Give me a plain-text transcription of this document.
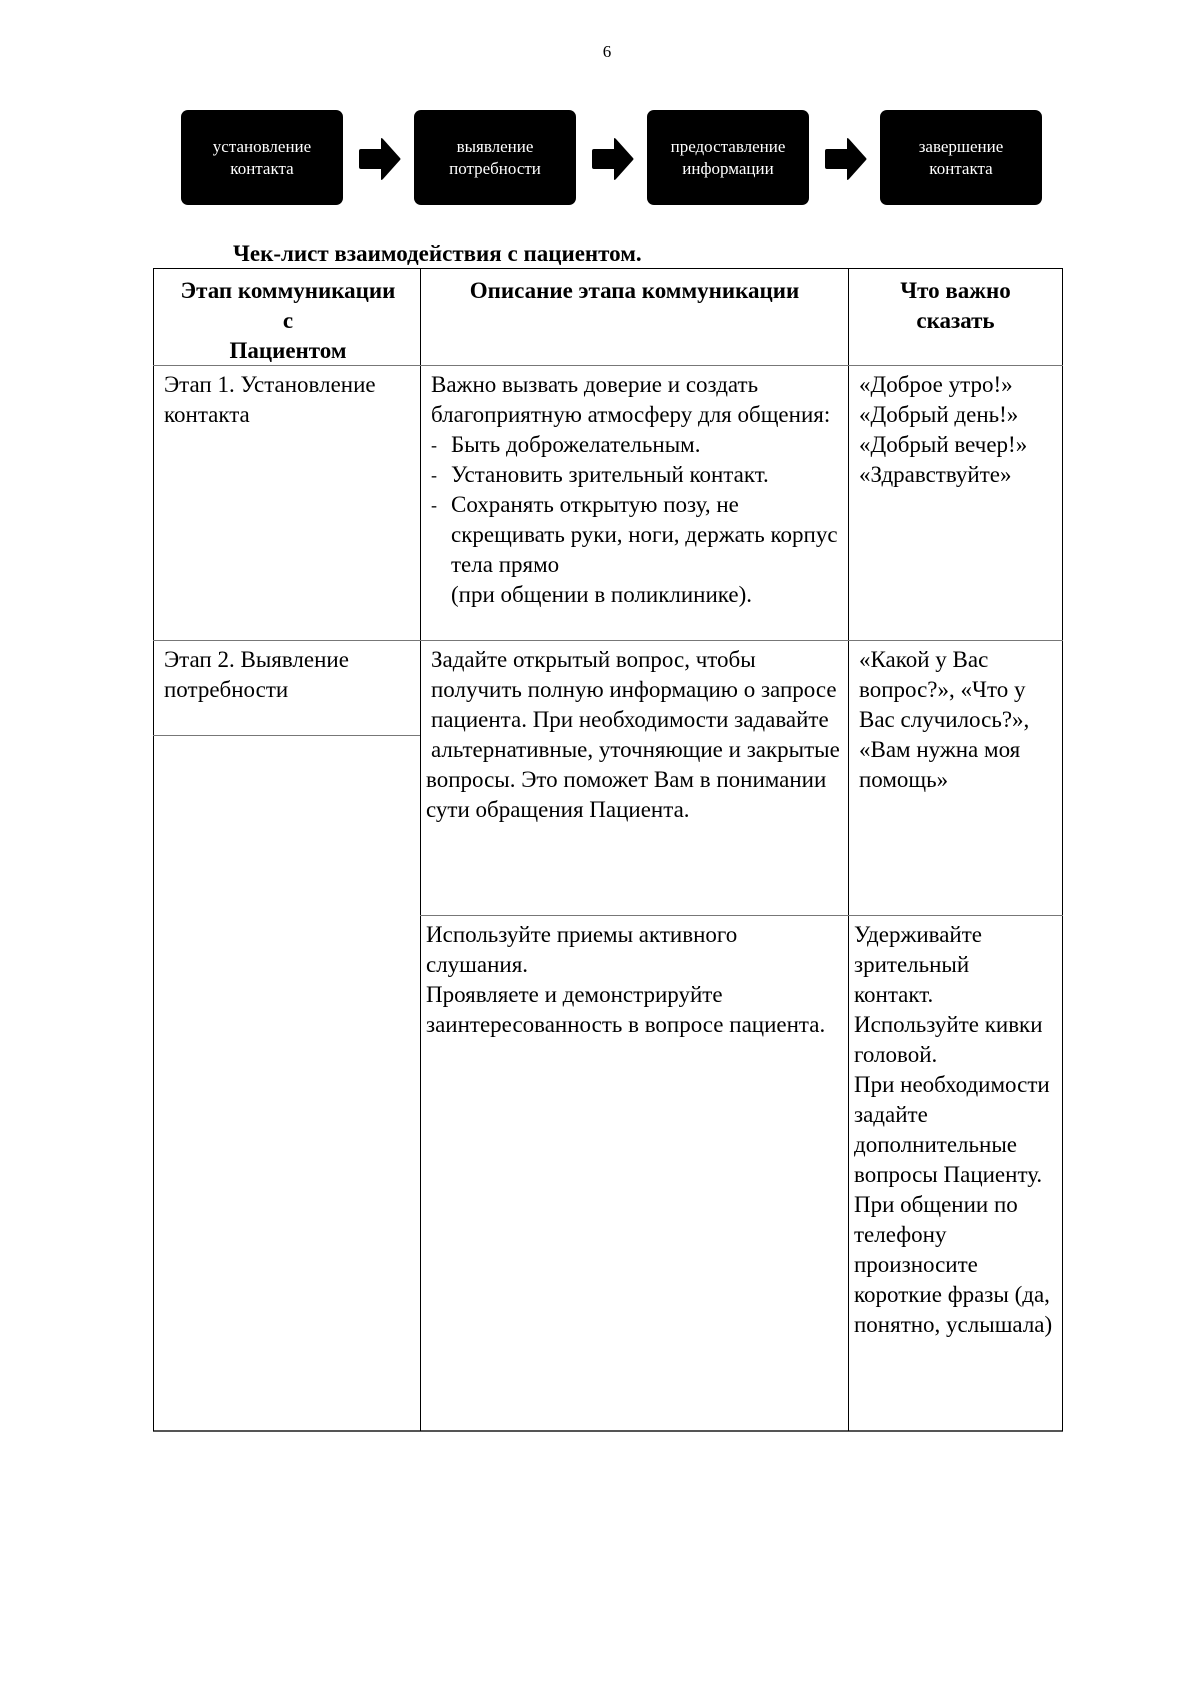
6
установление
контакта
выявление
потребности
предоставление
информации
завершение
контакта
Чек-лист взаимодействия с пациентом.
Этап коммуникации
с
Пациентом
Описание этапа коммуникации	Что важно
сказать
Этап 1. Установление контакта
Важно вызвать доверие и создать благоприятную атмосферу для общения:
- Быть доброжелательным.
- Установить зрительный контакт.
- Сохранять открытую позу, не скрещивать руки, ноги, держать корпус тела прямо
(при общении в поликлинике).
«Доброе утро!»
«Добрый день!»
«Добрый вечер!»
«Здравствуйте»
Этап 2. Выявление потребности
Задайте открытый вопрос, чтобы получить полную информацию о запросе пациента. При необходимости задавайте альтернативные, уточняющие и закрытые
вопросы. Это поможет Вам в понимании сути обращения Пациента.
«Какой у Вас вопрос?», «Что у Вас случилось?», «Вам нужна моя помощь»
Используйте приемы активного слушания.
Проявляете и демонстрируйте заинтересованность в вопросе пациента.
Удерживайте зрительный контакт.
Используйте кивки головой.
При необходимости задайте дополнительные вопросы Пациенту.
При общении по телефону произносите короткие фразы (да, понятно, услышала)
